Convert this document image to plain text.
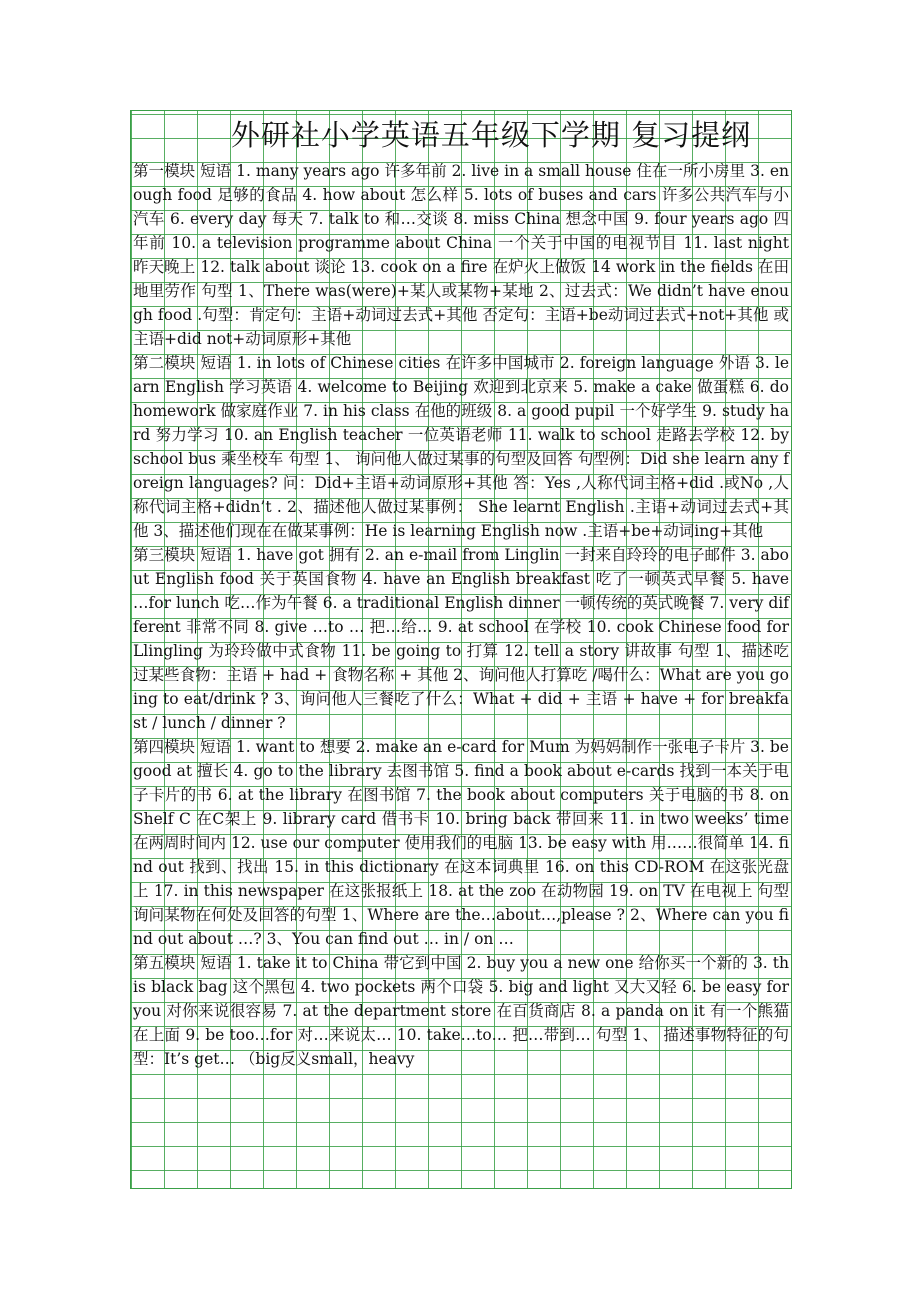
外研社小学英语五年级下学期 复习提纲

第一模块 短语 1. many years ago 许多年前 2. live in a small house 住在一所小房里 3. enough food 足够的食品 4. how about 怎么样 5. lots of buses and cars 许多公共汽车与小汽车 6. every day 每天 7. talk to 和…交谈 8. miss China 想念中国 9. four years ago 四年前 10. a television programme about China 一个关于中国的电视节目 11. last night 昨天晚上 12. talk about 谈论 13. cook on a fire 在炉火上做饭 14 work in the fields 在田地里劳作 句型 1、There was(were)+某人或某物+某地 2、过去式：We didn’t have enough food .句型：肯定句：主语+动词过去式+其他 否定句：主语+be动词过去式+not+其他 或主语+did not+动词原形+其他

第二模块 短语 1. in lots of Chinese cities 在许多中国城市 2. foreign language 外语 3. learn English 学习英语 4. welcome to Beijing 欢迎到北京来 5. make a cake 做蛋糕 6. do homework 做家庭作业 7. in his class 在他的班级 8. a good pupil 一个好学生 9. study hard 努力学习 10. an English teacher 一位英语老师 11. walk to school 走路去学校 12. by school bus 乘坐校车 句型 1、 询问他人做过某事的句型及回答 句型例：Did she learn any foreign languages? 问：Did+主语+动词原形+其他 答：Yes ,人称代词主格+did .或No ,人称代词主格+didn’t . 2、描述他人做过某事例： She learnt English .主语+动词过去式+其他 3、描述他们现在在做某事例：He is learning English now .主语+be+动词ing+其他

第三模块 短语 1. have got 拥有 2. an e-mail from Linglin 一封来自玲玲的电子邮件 3. about English food 关于英国食物 4. have an English breakfast 吃了一顿英式早餐 5. have …for lunch 吃…作为午餐 6. a traditional English dinner 一顿传统的英式晚餐 7. very different 非常不同 8. give …to … 把…给… 9. at school 在学校 10. cook Chinese food for Llingling 为玲玲做中式食物 11. be going to 打算 12. tell a story 讲故事 句型 1、描述吃过某些食物：主语 + had + 食物名称 + 其他 2、询问他人打算吃 /喝什么：What are you going to eat/drink ? 3、询问他人三餐吃了什么：What + did + 主语 + have + for breakfast / lunch / dinner ?

第四模块 短语 1. want to 想要 2. make an e-card for Mum 为妈妈制作一张电子卡片 3. be good at 擅长 4. go to the library 去图书馆 5. find a book about e-cards 找到一本关于电子卡片的书 6. at the library 在图书馆 7. the book about computers 关于电脑的书 8. on Shelf C 在C架上 9. library card 借书卡 10. bring back 带回来 11. in two weeks’ time 在两周时间内 12. use our computer 使用我们的电脑 13. be easy with 用……很简单 14. find out 找到、找出 15. in this dictionary 在这本词典里 16. on this CD-ROM 在这张光盘上 17. in this newspaper 在这张报纸上 18. at the zoo 在动物园 19. on TV 在电视上 句型 询问某物在何处及回答的句型 1、Where are the…about…,please ? 2、Where can you find out about …? 3、You can find out … in / on …

第五模块 短语 1. take it to China 带它到中国 2. buy you a new one 给你买一个新的 3. this black bag 这个黑包 4. two pockets 两个口袋 5. big and light 又大又轻 6. be easy for you 对你来说很容易 7. at the department store 在百货商店 8. a panda on it 有一个熊猫在上面 9. be too…for 对…来说太… 10. take…to… 把…带到… 句型 1、 描述事物特征的句型：It’s get… （big反义small，heavy
